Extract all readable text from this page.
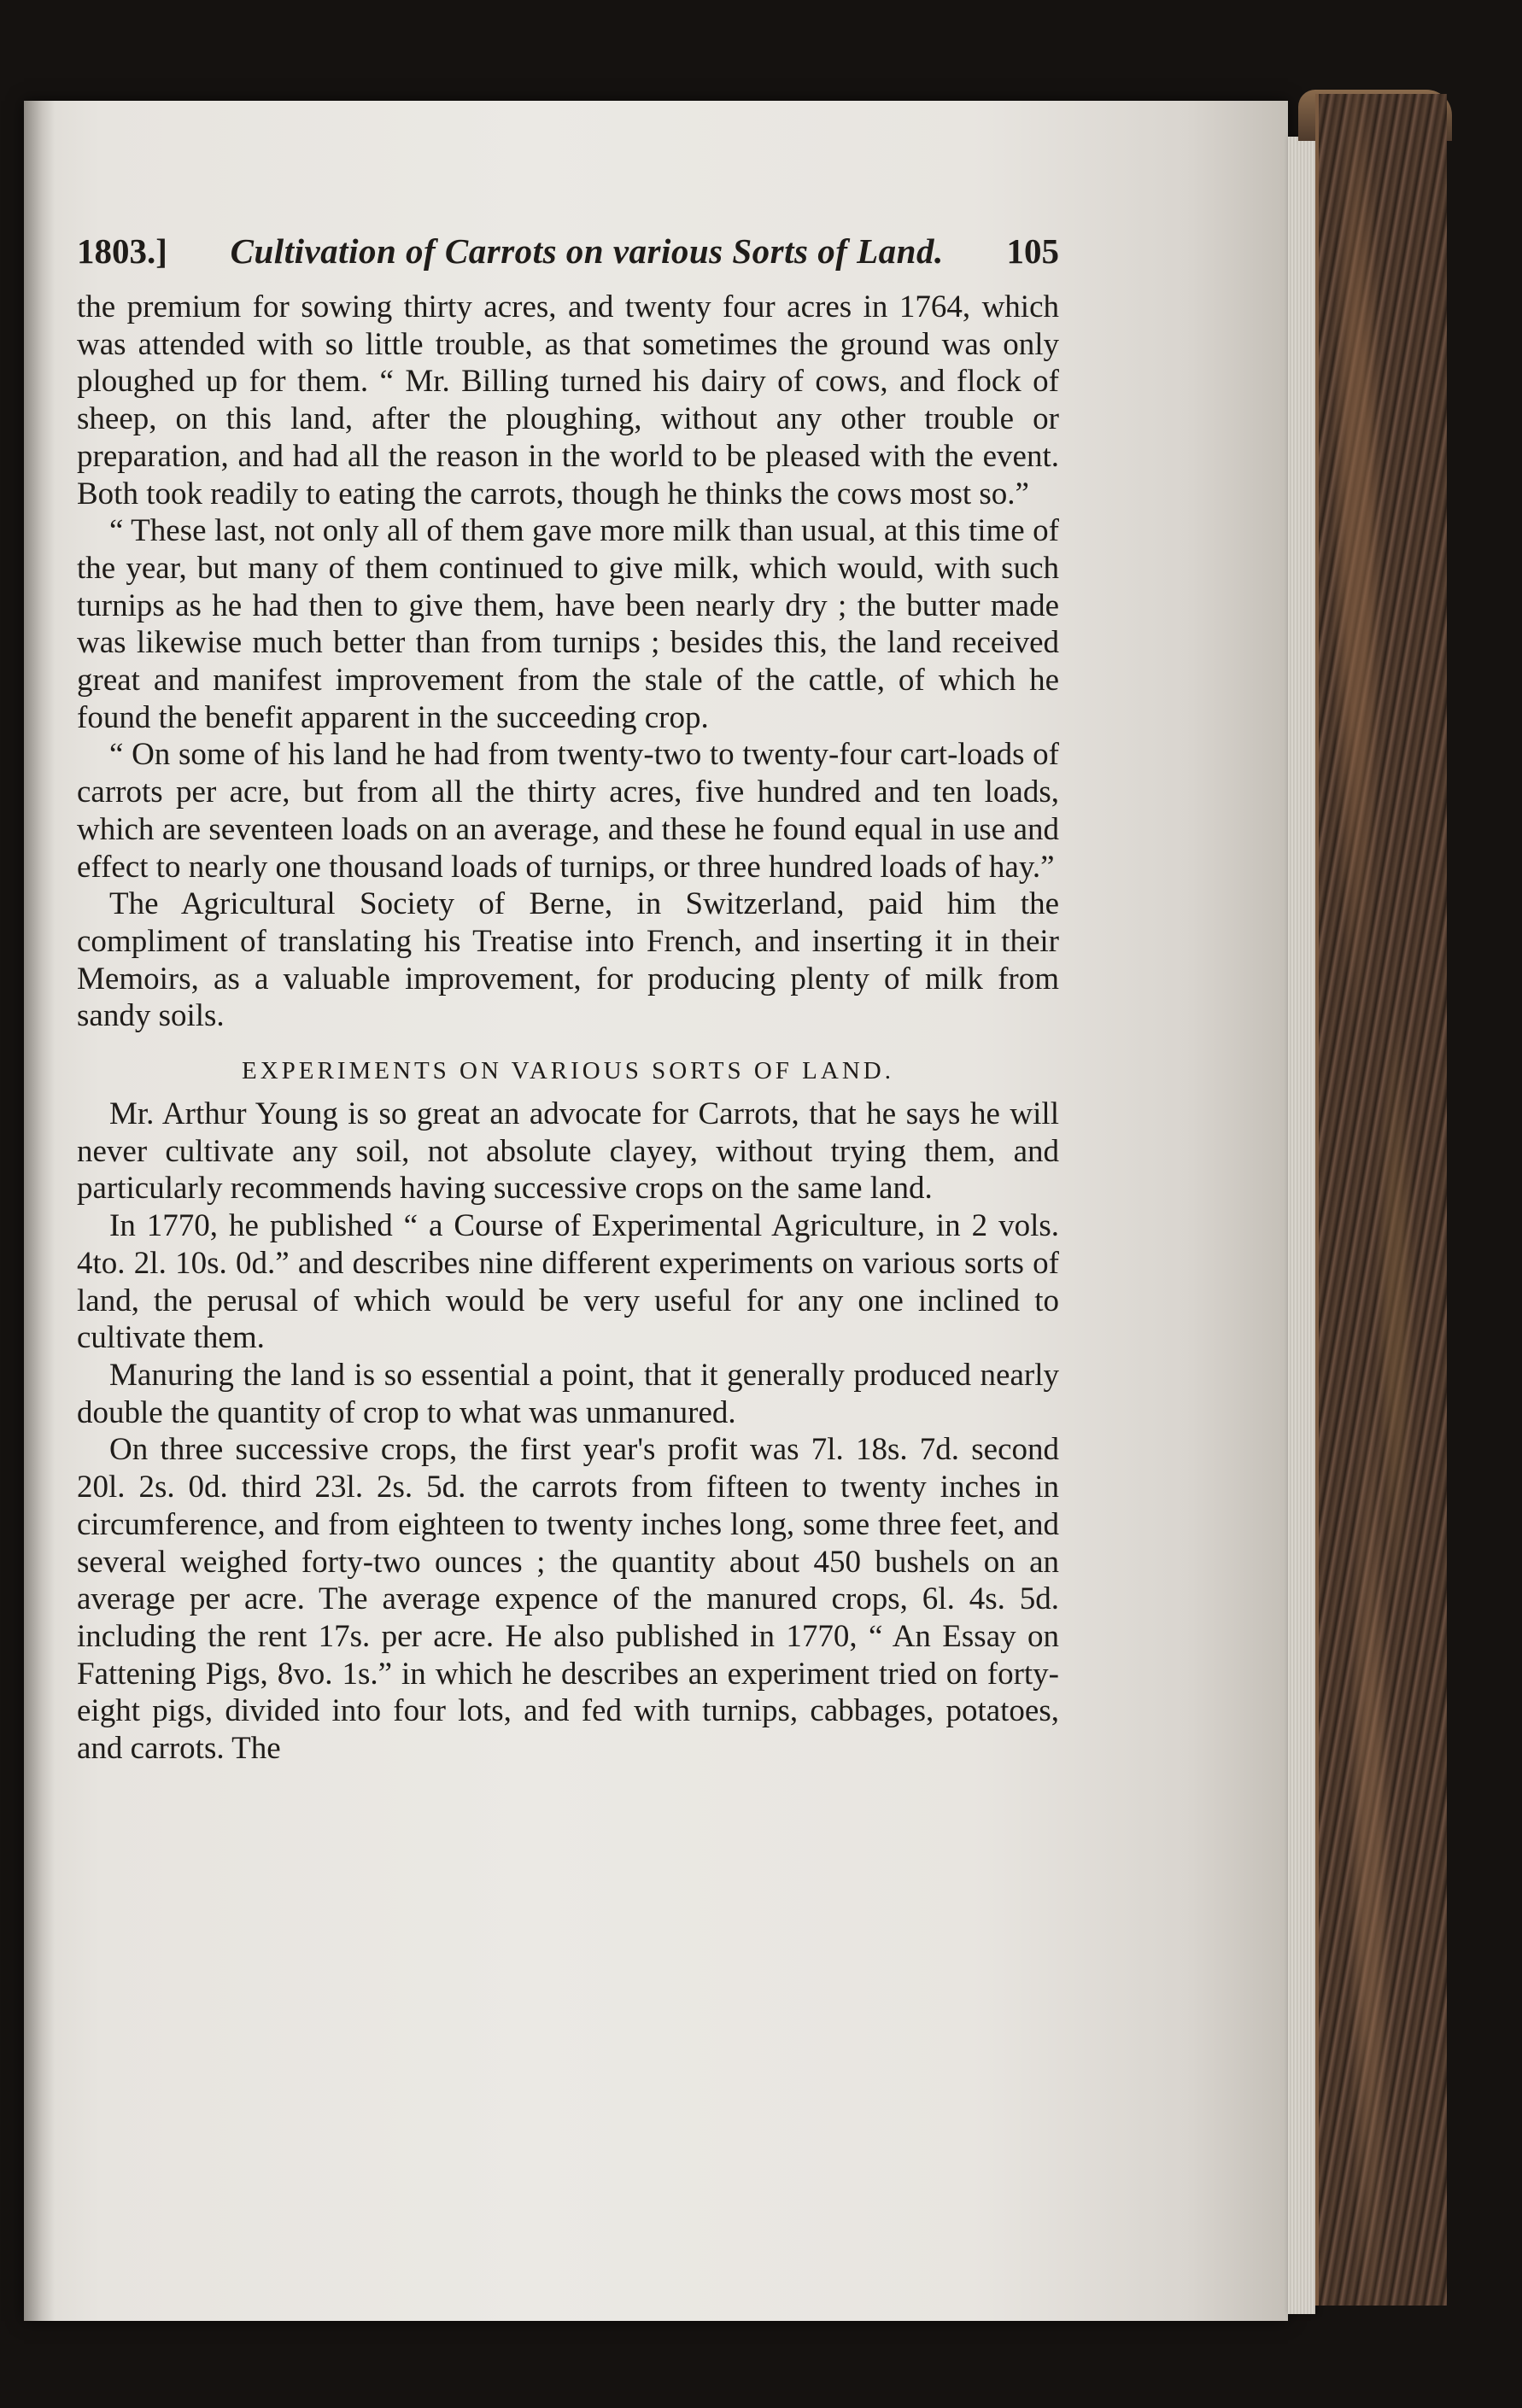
1803.] Cultivation of Carrots on various Sorts of Land. 105

the premium for sowing thirty acres, and twenty four acres in 1764, which was attended with so little trouble, as that sometimes the ground was only ploughed up for them. “ Mr. Billing turned his dairy of cows, and flock of sheep, on this land, after the ploughing, without any other trouble or preparation, and had all the reason in the world to be pleased with the event. Both took readily to eating the carrots, though he thinks the cows most so.”

“ These last, not only all of them gave more milk than usual, at this time of the year, but many of them continued to give milk, which would, with such turnips as he had then to give them, have been nearly dry ; the butter made was likewise much better than from turnips ; besides this, the land received great and manifest improvement from the stale of the cattle, of which he found the benefit apparent in the succeeding crop.

“ On some of his land he had from twenty-two to twenty-four cart-loads of carrots per acre, but from all the thirty acres, five hundred and ten loads, which are seventeen loads on an average, and these he found equal in use and effect to nearly one thousand loads of turnips, or three hundred loads of hay.”

The Agricultural Society of Berne, in Switzerland, paid him the compliment of translating his Treatise into French, and inserting it in their Memoirs, as a valuable improvement, for producing plenty of milk from sandy soils.

EXPERIMENTS ON VARIOUS SORTS OF LAND.

Mr. Arthur Young is so great an advocate for Carrots, that he says he will never cultivate any soil, not absolute clayey, without trying them, and particularly recommends having successive crops on the same land.

In 1770, he published “ a Course of Experimental Agriculture, in 2 vols. 4to. 2l. 10s. 0d.” and describes nine different experiments on various sorts of land, the perusal of which would be very useful for any one inclined to cultivate them.

Manuring the land is so essential a point, that it generally produced nearly double the quantity of crop to what was unmanured.

On three successive crops, the first year's profit was 7l. 18s. 7d. second 20l. 2s. 0d. third 23l. 2s. 5d. the carrots from fifteen to twenty inches in circumference, and from eighteen to twenty inches long, some three feet, and several weighed forty-two ounces ; the quantity about 450 bushels on an average per acre. The average expence of the manured crops, 6l. 4s. 5d. including the rent 17s. per acre. He also published in 1770, “ An Essay on Fattening Pigs, 8vo. 1s.” in which he describes an experiment tried on forty-eight pigs, divided into four lots, and fed with turnips, cabbages, potatoes, and carrots. The
